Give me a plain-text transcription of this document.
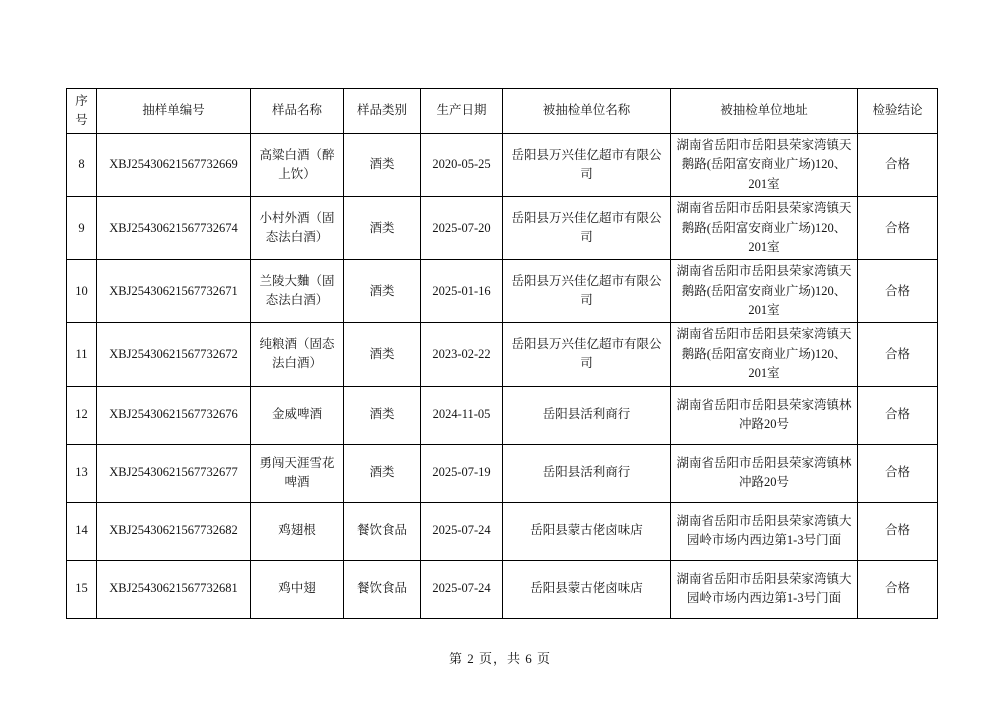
序号	抽样单编号	样品名称	样品类别	生产日期	被抽检单位名称	被抽检单位地址	检验结论
8	XBJ25430621567732669	高粱白酒（醉上饮）	酒类	2020-05-25	岳阳县万兴佳亿超市有限公司	湖南省岳阳市岳阳县荣家湾镇天鹅路(岳阳富安商业广场)120、201室	合格
9	XBJ25430621567732674	小村外酒（固态法白酒）	酒类	2025-07-20	岳阳县万兴佳亿超市有限公司	湖南省岳阳市岳阳县荣家湾镇天鹅路(岳阳富安商业广场)120、201室	合格
10	XBJ25430621567732671	兰陵大麯（固态法白酒）	酒类	2025-01-16	岳阳县万兴佳亿超市有限公司	湖南省岳阳市岳阳县荣家湾镇天鹅路(岳阳富安商业广场)120、201室	合格
11	XBJ25430621567732672	纯粮酒（固态法白酒）	酒类	2023-02-22	岳阳县万兴佳亿超市有限公司	湖南省岳阳市岳阳县荣家湾镇天鹅路(岳阳富安商业广场)120、201室	合格
12	XBJ25430621567732676	金威啤酒	酒类	2024-11-05	岳阳县活利商行	湖南省岳阳市岳阳县荣家湾镇林冲路20号	合格
13	XBJ25430621567732677	勇闯天涯雪花啤酒	酒类	2025-07-19	岳阳县活利商行	湖南省岳阳市岳阳县荣家湾镇林冲路20号	合格
14	XBJ25430621567732682	鸡翅根	餐饮食品	2025-07-24	岳阳县蒙古佬卤味店	湖南省岳阳市岳阳县荣家湾镇大园岭市场内西边第1-3号门面	合格
15	XBJ25430621567732681	鸡中翅	餐饮食品	2025-07-24	岳阳县蒙古佬卤味店	湖南省岳阳市岳阳县荣家湾镇大园岭市场内西边第1-3号门面	合格
第 2 页，共 6 页
